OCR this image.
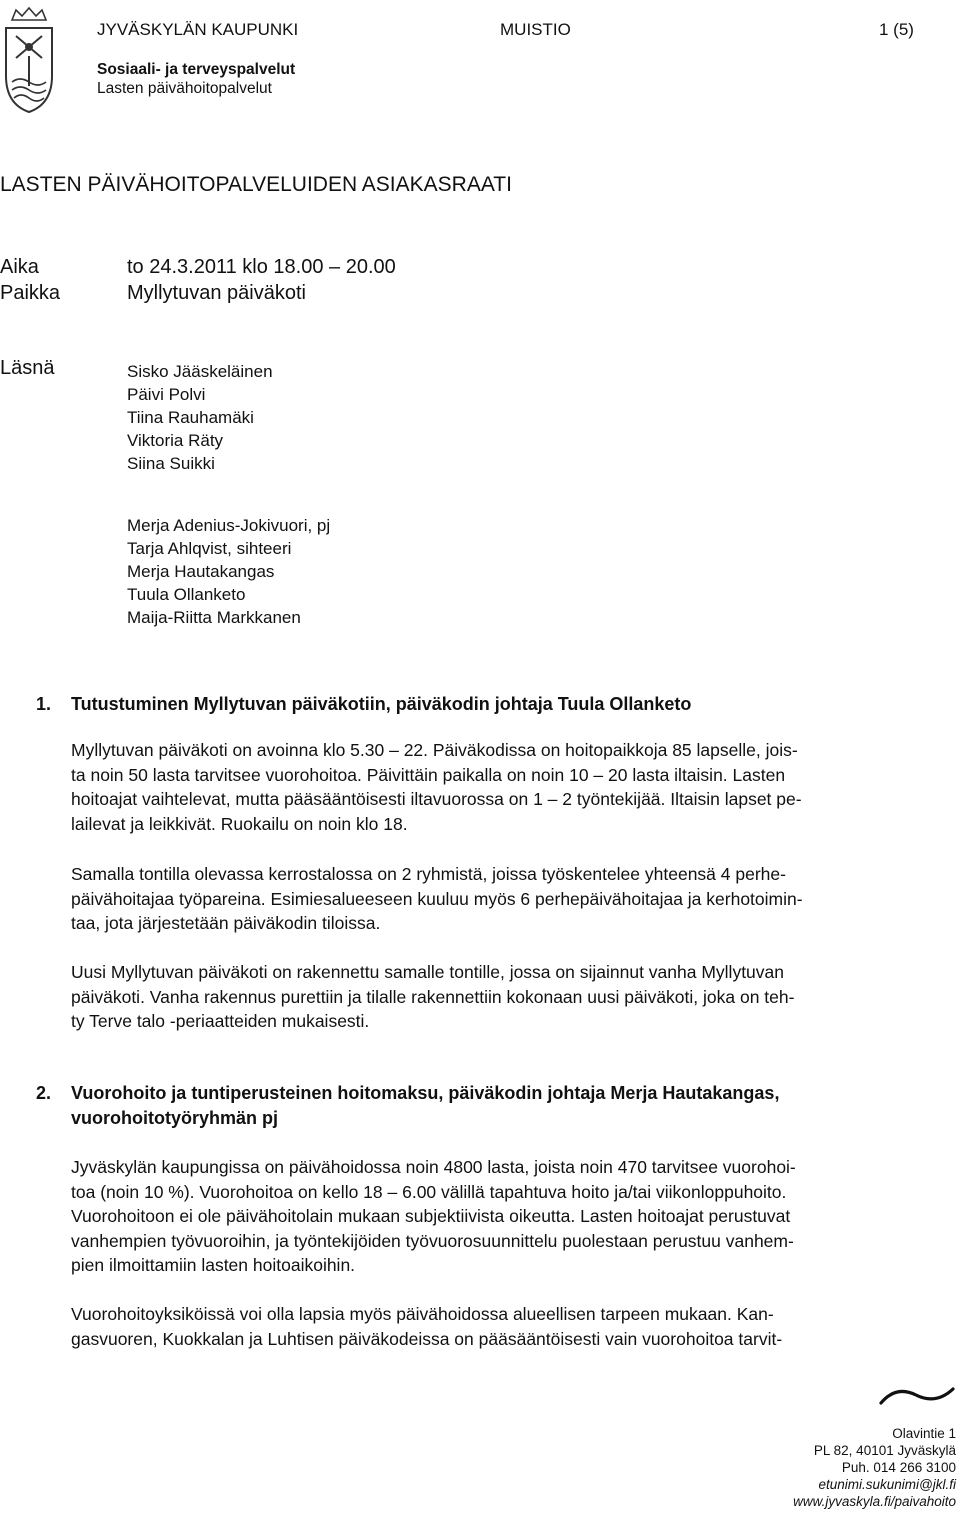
JYVÄSKYLÄN KAUPUNKI	MUISTIO	1 (5)
Sosiaali- ja terveyspalvelut
Lasten päivähoitopalvelut
LASTEN PÄIVÄHOITOPALVELUIDEN ASIAKASRAATI
Aika	to 24.3.2011 klo 18.00 – 20.00
Paikka	Myllytuvan päiväkoti
Läsnä	Sisko Jääskeläinen
Päivi Polvi
Tiina Rauhamäki
Viktoria Räty
Siina Suikki
Merja Adenius-Jokivuori, pj
Tarja Ahlqvist, sihteeri
Merja Hautakangas
Tuula Ollanketo
Maija-Riitta Markkanen
1. Tutustuminen Myllytuvan päiväkotiin, päiväkodin johtaja Tuula Ollanketo
Myllytuvan päiväkoti on avoinna klo 5.30 – 22. Päiväkodissa on hoitopaikkoja 85 lapselle, jois-
ta noin 50 lasta tarvitsee vuorohoitoa. Päivittäin paikalla on noin 10 – 20 lasta iltaisin. Lasten
hoitoajat vaihtelevat, mutta pääsääntöisesti iltavuorossa on 1 – 2 työntekijää. Iltaisin lapset pe-
lailevat ja leikkivät. Ruokailu on noin klo 18.
Samalla tontilla olevassa kerrostalossa on 2 ryhmistä, joissa työskentelee yhteensä 4 perhe-
päivähoitajaa työpareina. Esimiesalueeseen kuuluu myös 6 perhepäivähoitajaa ja kerhotoimin-
taa, jota järjestetään päiväkodin tiloissa.
Uusi Myllytuvan päiväkoti on rakennettu samalle tontille, jossa on sijainnut vanha Myllytuvan
päiväkoti. Vanha rakennus purettiin ja tilalle rakennettiin kokonaan uusi päiväkoti, joka on teh-
ty Terve talo -periaatteiden mukaisesti.
2. Vuorohoito ja tuntiperusteinen hoitomaksu, päiväkodin johtaja Merja Hautakangas,
vuorohoitotyöryhmän pj
Jyväskylän kaupungissa on päivähoidossa noin 4800 lasta, joista noin 470 tarvitsee vuorohoi-
toa (noin 10 %). Vuorohoitoa on kello 18 – 6.00 välillä tapahtuva hoito ja/tai viikonloppuhoito.
Vuorohoitoon ei ole päivähoitolain mukaan subjektiivista oikeutta. Lasten hoitoajat perustuvat
vanhempien työvuoroihin, ja työntekijöiden työvuorosuunnittelu puolestaan perustuu vanhem-
pien ilmoittamiin lasten hoitoaikoihin.
Vuorohoitoyksiköissä voi olla lapsia myös päivähoidossa alueellisen tarpeen mukaan. Kan-
gasvuoren, Kuokkalan ja Luhtisen päiväkodeissa on pääsääntöisesti vain vuorohoitoa tarvit-
Olavintie 1
PL 82, 40101 Jyväskylä
Puh. 014 266 3100
etunimi.sukunimi@jkl.fi
www.jyvaskyla.fi/paivahoito
